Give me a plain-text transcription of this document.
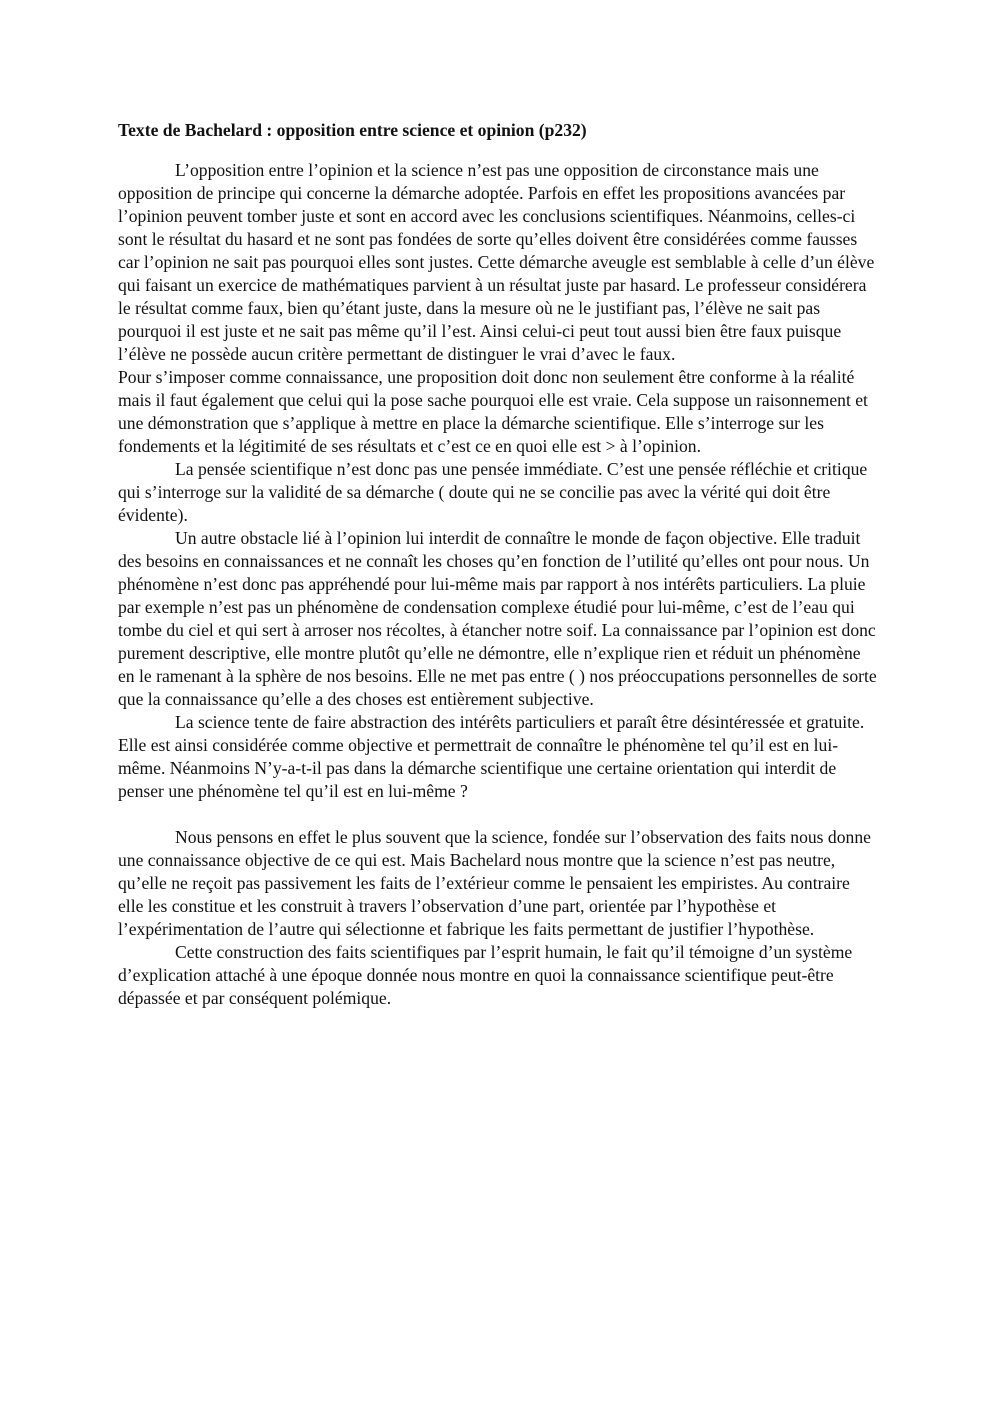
Texte de Bachelard : opposition entre science et opinion (p232)

L’opposition entre l’opinion et la science n’est pas une opposition de circonstance mais une opposition de principe qui concerne la démarche adoptée. Parfois en effet les propositions avancées par l’opinion peuvent tomber juste et sont en accord avec les conclusions scientifiques. Néanmoins, celles-ci sont le résultat du hasard et ne sont pas fondées de sorte qu’elles doivent être considérées comme fausses car l’opinion ne sait pas pourquoi elles sont justes. Cette démarche aveugle est semblable à celle d’un élève qui faisant un exercice de mathématiques parvient à un résultat juste par hasard. Le professeur considérera le résultat comme faux, bien qu’étant juste, dans la mesure où ne le justifiant pas, l’élève ne sait pas pourquoi il est juste et ne sait pas même qu’il l’est. Ainsi celui-ci peut tout aussi bien être faux puisque l’élève ne possède aucun critère permettant de distinguer le vrai d’avec le faux.

Pour s’imposer comme connaissance, une proposition doit donc non seulement être conforme à la réalité mais il faut également que celui qui la pose sache pourquoi elle est vraie. Cela suppose un raisonnement et une démonstration que s’applique à mettre en place la démarche scientifique. Elle s’interroge sur les fondements et la légitimité de ses résultats et c’est ce en quoi elle est > à l’opinion.

La pensée scientifique n’est donc pas une pensée immédiate. C’est une pensée réfléchie et critique qui s’interroge sur la validité de sa démarche ( doute qui ne se concilie pas avec la vérité qui doit être évidente).

Un autre obstacle lié à l’opinion lui interdit de connaître le monde de façon objective. Elle traduit des besoins en connaissances et ne connaît les choses qu’en fonction de l’utilité qu’elles ont pour nous. Un phénomène n’est donc pas appréhendé pour lui-même mais par rapport à nos intérêts particuliers. La pluie par exemple n’est pas un phénomène de condensation complexe étudié pour lui-même, c’est de l’eau qui tombe du ciel et qui sert à arroser nos récoltes, à étancher notre soif. La connaissance par l’opinion est donc purement descriptive, elle montre plutôt qu’elle ne démontre, elle n’explique rien et réduit un phénomène en le ramenant à la sphère de nos besoins. Elle ne met pas entre ( ) nos préoccupations personnelles de sorte que la connaissance qu’elle a des choses est entièrement subjective.

La science tente de faire abstraction des intérêts particuliers et paraît être désintéressée et gratuite. Elle est ainsi considérée comme objective et permettrait de connaître le phénomène tel qu’il est en lui-même. Néanmoins N’y-a-t-il pas dans la démarche scientifique une certaine orientation qui interdit de penser une phénomène tel qu’il est en lui-même ?

Nous pensons en effet le plus souvent que la science, fondée sur l’observation des faits nous donne une connaissance objective de ce qui est. Mais Bachelard nous montre que la science n’est pas neutre, qu’elle ne reçoit pas passivement les faits de l’extérieur comme le pensaient les empiristes. Au contraire elle les constitue et les construit à travers l’observation d’une part, orientée par l’hypothèse et l’expérimentation de l’autre qui sélectionne et fabrique les faits permettant de justifier l’hypothèse.

Cette construction des faits scientifiques par l’esprit humain, le fait qu’il témoigne d’un système d’explication attaché à une époque donnée nous montre en quoi la connaissance scientifique peut-être dépassée et par conséquent polémique.
